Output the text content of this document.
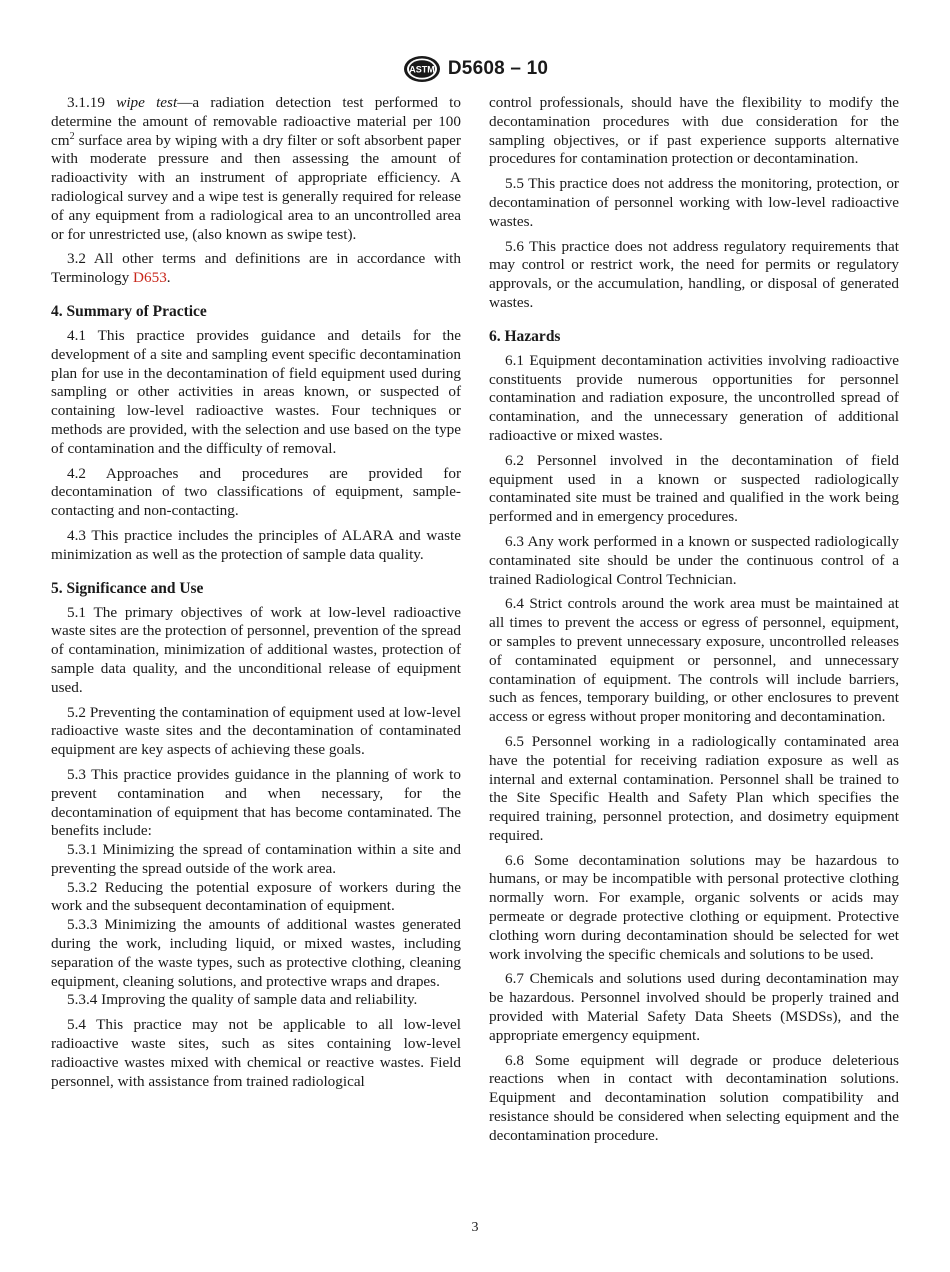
ASTM D5608 – 10

3.1.19 wipe test—a radiation detection test performed to determine the amount of removable radioactive material per 100 $cm^2$ surface area by wiping with a dry filter or soft absorbent paper with moderate pressure and then assessing the amount of radioactivity with an instrument of appropriate efficiency. A radiological survey and a wipe test is generally required for release of any equipment from a radiological area to an uncontrolled area or for unrestricted use, (also known as swipe test).

3.2 All other terms and definitions are in accordance with Terminology D653.

4. Summary of Practice

4.1 This practice provides guidance and details for the development of a site and sampling event specific decontamination plan for use in the decontamination of field equipment used during sampling or other activities in areas known, or suspected of containing low-level radioactive wastes. Four techniques or methods are provided, with the selection and use based on the type of contamination and the difficulty of removal.

4.2 Approaches and procedures are provided for decontamination of two classifications of equipment, sample-contacting and non-contacting.

4.3 This practice includes the principles of ALARA and waste minimization as well as the protection of sample data quality.

5. Significance and Use

5.1 The primary objectives of work at low-level radioactive waste sites are the protection of personnel, prevention of the spread of contamination, minimization of additional wastes, protection of sample data quality, and the unconditional release of equipment used.

5.2 Preventing the contamination of equipment used at low-level radioactive waste sites and the decontamination of contaminated equipment are key aspects of achieving these goals.

5.3 This practice provides guidance in the planning of work to prevent contamination and when necessary, for the decontamination of equipment that has become contaminated. The benefits include:

5.3.1 Minimizing the spread of contamination within a site and preventing the spread outside of the work area.

5.3.2 Reducing the potential exposure of workers during the work and the subsequent decontamination of equipment.

5.3.3 Minimizing the amounts of additional wastes generated during the work, including liquid, or mixed wastes, including separation of the waste types, such as protective clothing, cleaning equipment, cleaning solutions, and protective wraps and drapes.

5.3.4 Improving the quality of sample data and reliability.

5.4 This practice may not be applicable to all low-level radioactive waste sites, such as sites containing low-level radioactive wastes mixed with chemical or reactive wastes. Field personnel, with assistance from trained radiological

control professionals, should have the flexibility to modify the decontamination procedures with due consideration for the sampling objectives, or if past experience supports alternative procedures for contamination protection or decontamination.

5.5 This practice does not address the monitoring, protection, or decontamination of personnel working with low-level radioactive wastes.

5.6 This practice does not address regulatory requirements that may control or restrict work, the need for permits or regulatory approvals, or the accumulation, handling, or disposal of generated wastes.

6. Hazards

6.1 Equipment decontamination activities involving radioactive constituents provide numerous opportunities for personnel contamination and radiation exposure, the uncontrolled spread of contamination, and the unnecessary generation of additional radioactive or mixed wastes.

6.2 Personnel involved in the decontamination of field equipment used in a known or suspected radiologically contaminated site must be trained and qualified in the work being performed and in emergency procedures.

6.3 Any work performed in a known or suspected radiologically contaminated site should be under the continuous control of a trained Radiological Control Technician.

6.4 Strict controls around the work area must be maintained at all times to prevent the access or egress of personnel, equipment, or samples to prevent unnecessary exposure, uncontrolled releases of contaminated equipment or personnel, and unnecessary contamination of equipment. The controls will include barriers, such as fences, temporary building, or other enclosures to prevent access or egress without proper monitoring and decontamination.

6.5 Personnel working in a radiologically contaminated area have the potential for receiving radiation exposure as well as internal and external contamination. Personnel shall be trained to the Site Specific Health and Safety Plan which specifies the required training, personnel protection, and dosimetry equipment required.

6.6 Some decontamination solutions may be hazardous to humans, or may be incompatible with personal protective clothing normally worn. For example, organic solvents or acids may permeate or degrade protective clothing or equipment. Protective clothing worn during decontamination should be selected for wet work involving the specific chemicals and solutions to be used.

6.7 Chemicals and solutions used during decontamination may be hazardous. Personnel involved should be properly trained and provided with Material Safety Data Sheets (MSDSs), and the appropriate emergency equipment.

6.8 Some equipment will degrade or produce deleterious reactions when in contact with decontamination solutions. Equipment and decontamination solution compatibility and resistance should be considered when selecting equipment and the decontamination procedure.

3
